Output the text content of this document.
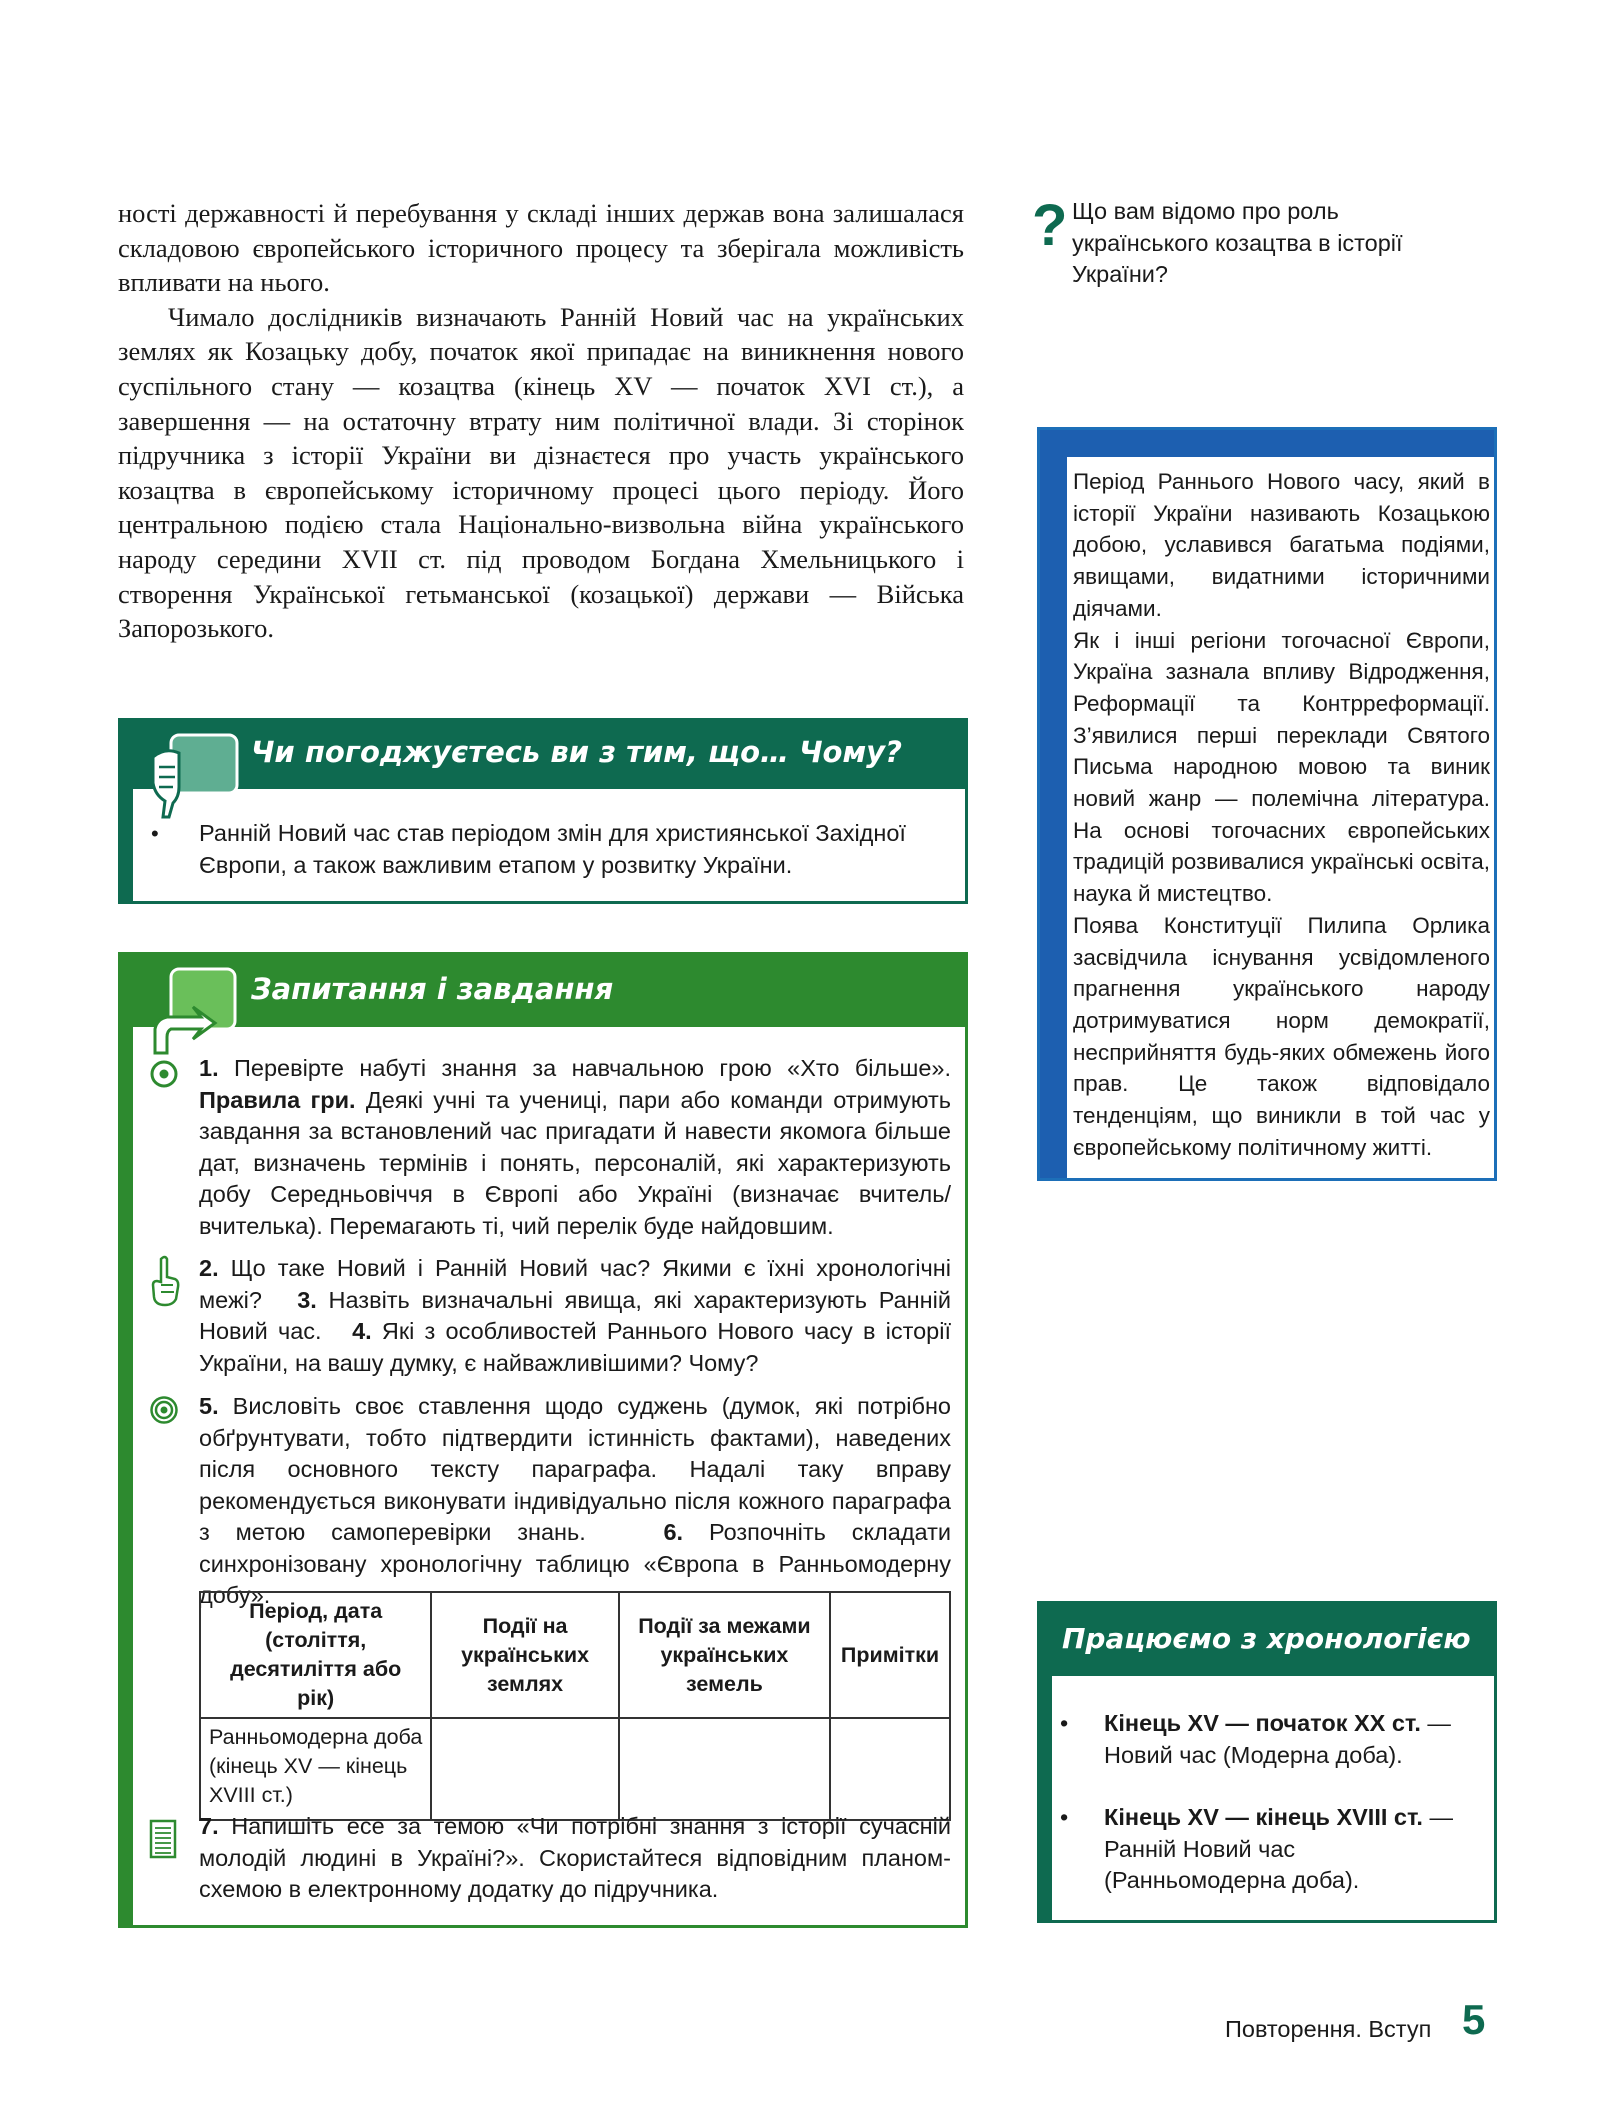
ності державності й перебування у складі інших держав вона залишалася складовою європейського історичного процесу та зберігала можливість впливати на нього.

Чимало дослідників визначають Ранній Новий час на українських землях як Козацьку добу, початок якої припадає на виникнення нового суспільного стану — козацтва (кінець XV — початок XVI ст.), а завершення — на остаточну втрату ним політичної влади. Зі сторінок підручника з історії України ви дізнаєтеся про участь українського козацтва в європейському історичному процесі цього періоду. Його центральною подією стала Національно-визвольна війна українського народу середини XVII ст. під проводом Богдана Хмельницького і створення Української гетьманської (козацької) держави — Війська Запорозького.

? Що вам відомо про роль українського козацтва в історії України?

Період Раннього Нового часу, який в історії України називають Козацькою добою, уславився багатьма подіями, явищами, видатними історичними діячами.

Як і інші регіони тогочасної Європи, Україна зазнала впливу Відродження, Реформації та Контрреформації. З’явилися перші переклади Святого Письма народною мовою та виник новий жанр — полемічна література. На основі тогочасних європейських традицій розвивалися українські освіта, наука й мистецтво.

Поява Конституції Пилипа Орлика засвідчила існування усвідомленого прагнення українського народу дотримуватися норм демократії, несприйняття будь-яких обмежень його прав. Це також відповідало тенденціям, що виникли в той час у європейському політичному житті.

Чи погоджуєтесь ви з тим, що… Чому?
• Ранній Новий час став періодом змін для християнської Західної Європи, а також важливим етапом у розвитку України.
Запитання і завдання

1. Перевірте набуті знання за навчальною грою «Хто більше». Правила гри. Деякі учні та учениці, пари або команди отримують завдання за встановлений час пригадати й навести якомога більше дат, визначень термінів і понять, персоналій, які характеризують добу Середньовіччя в Європі або Україні (визначає вчитель/вчителька). Перемагають ті, чий перелік буде найдовшим.

2. Що таке Новий і Ранній Новий час? Якими є їхні хронологічні межі? 3. Назвіть визначальні явища, які характеризують Ранній Новий час. 4. Які з особливостей Раннього Нового часу в історії України, на вашу думку, є найважливішими? Чому?

5. Висловіть своє ставлення щодо суджень (думок, які потрібно обґрунтувати, тобто підтвердити істинність фактами), наведених після основного тексту параграфа. Надалі таку вправу рекомендується виконувати індивідуально після кожного параграфа з метою самоперевірки знань.	6. Розпочніть складати синхронізовану хронологічну таблицю «Європа в Ранньомодерну добу».

Період, дата (століття, десятиліття або рік)	Події на українських землях	Події за межами українських земель	Примітки
Ранньомодерна доба (кінець XV — кінець XVIII ст.)			

7. Напишіть есе за темою «Чи потрібні знання з історії сучасній молодій людині в Україні?». Скористайтеся відповідним планом-схемою в електронному додатку до підручника.

Працюємо з хронологією
• Кінець XV — початок XX ст. — Новий час (Модерна доба).
• Кінець XV — кінець XVIII ст. — Ранній Новий час (Ранньомодерна доба).
Повторення. Вступ 5
